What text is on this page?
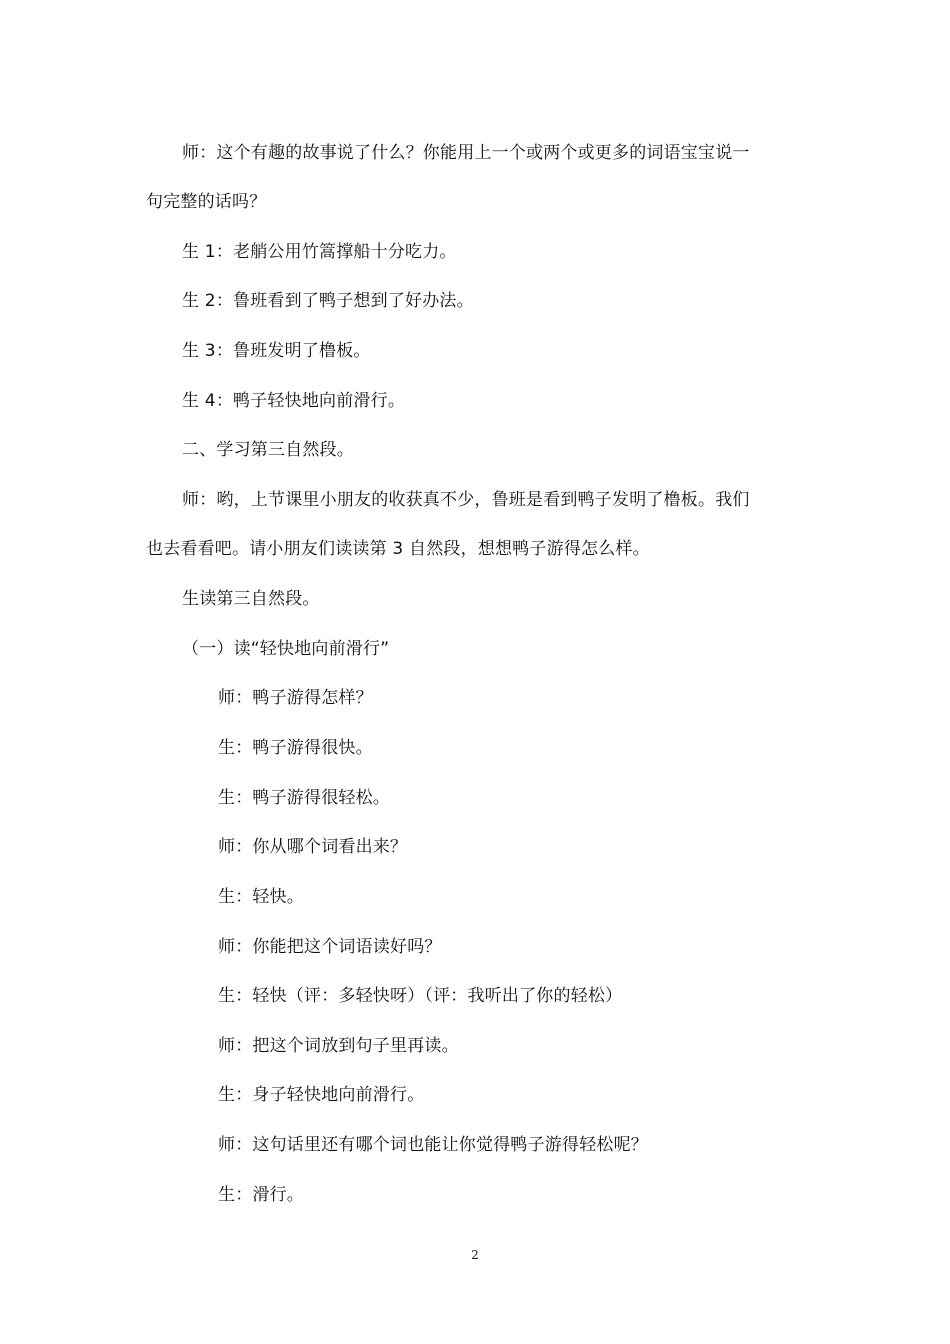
师：这个有趣的故事说了什么？你能用上一个或两个或更多的词语宝宝说一
句完整的话吗？
生 1：老艄公用竹篙撑船十分吃力。
生 2：鲁班看到了鸭子想到了好办法。
生 3：鲁班发明了橹板。
生 4：鸭子轻快地向前滑行。
二、学习第三自然段。
师：哟，上节课里小朋友的收获真不少，鲁班是看到鸭子发明了橹板。我们
也去看看吧。请小朋友们读读第 3 自然段，想想鸭子游得怎么样。
生读第三自然段。
（一）读“轻快地向前滑行”
师：鸭子游得怎样？
生：鸭子游得很快。
生：鸭子游得很轻松。
师：你从哪个词看出来？
生：轻快。
师：你能把这个词语读好吗？
生：轻快（评：多轻快呀）（评：我听出了你的轻松）
师：把这个词放到句子里再读。
生：身子轻快地向前滑行。
师：这句话里还有哪个词也能让你觉得鸭子游得轻松呢？
生：滑行。
2
